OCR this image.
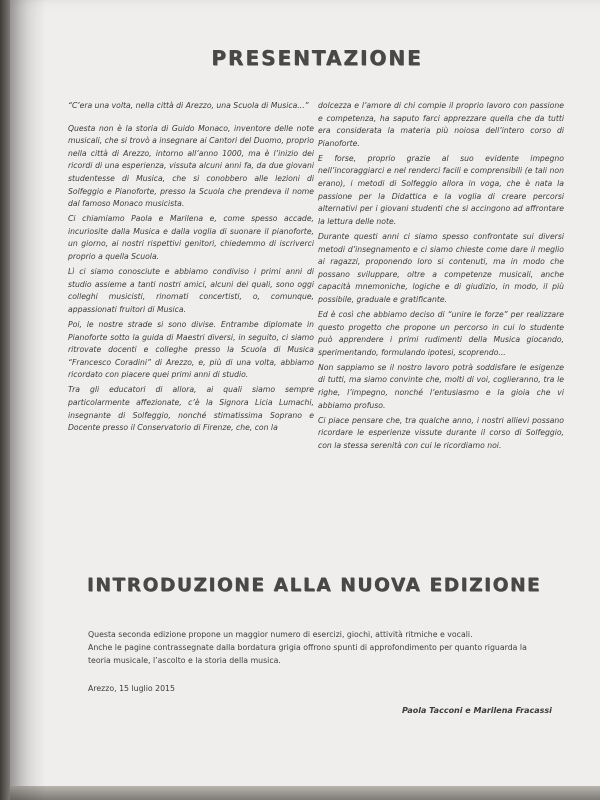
PRESENTAZIONE

“C’era una volta, nella città di Arezzo, una Scuola di Musica...”

Questa non è la storia di Guido Monaco, inventore delle note musicali, che si trovò a insegnare ai Cantori del Duomo, proprio nella città di Arezzo, intorno all’anno 1000, ma è l’inizio dei ricordi di una esperienza, vissuta alcuni anni fa, da due giovani studentesse di Musica, che si conobbero alle lezioni di Solfeggio e Pianoforte, presso la Scuola che prendeva il nome dal famoso Monaco musicista.

Ci chiamiamo Paola e Marilena e, come spesso accade, incuriosite dalla Musica e dalla voglia di suonare il pianoforte, un giorno, ai nostri rispettivi genitori, chiedemmo di iscriverci proprio a quella Scuola.

Lì ci siamo conosciute e abbiamo condiviso i primi anni di studio assieme a tanti nostri amici, alcuni dei quali, sono oggi colleghi musicisti, rinomati concertisti, o, comunque, appassionati fruitori di Musica.

Poi, le nostre strade si sono divise. Entrambe diplomate in Pianoforte sotto la guida di Maestri diversi, in seguito, ci siamo ritrovate docenti e colleghe presso la Scuola di Musica “Francesco Coradini” di Arezzo, e, più di una volta, abbiamo ricordato con piacere quei primi anni di studio.

Tra gli educatori di allora, ai quali siamo sempre particolarmente affezionate, c’è la Signora Licia Lumachi, insegnante di Solfeggio, nonché stimatissima Soprano e Docente presso il Conservatorio di Firenze, che, con la

dolcezza e l’amore di chi compie il proprio lavoro con passione e competenza, ha saputo farci apprezzare quella che da tutti era considerata la materia più noiosa dell’intero corso di Pianoforte.

E forse, proprio grazie al suo evidente impegno nell’incoraggiarci e nel renderci facili e comprensibili (e tali non erano), i metodi di Solfeggio allora in voga, che è nata la passione per la Didattica e la voglia di creare percorsi alternativi per i giovani studenti che si accingono ad affrontare la lettura delle note.

Durante questi anni ci siamo spesso confrontate sui diversi metodi d’insegnamento e ci siamo chieste come dare il meglio ai ragazzi, proponendo loro si contenuti, ma in modo che possano sviluppare, oltre a competenze musicali, anche capacità mnemoniche, logiche e di giudizio, in modo, il più possibile, graduale e gratificante.

Ed è così che abbiamo deciso di “unire le forze” per realizzare questo progetto che propone un percorso in cui lo studente può apprendere i primi rudimenti della Musica giocando, sperimentando, formulando ipotesi, scoprendo...

Non sappiamo se il nostro lavoro potrà soddisfare le esigenze di tutti, ma siamo convinte che, molti di voi, coglieranno, tra le righe, l’impegno, nonché l’entusiasmo e la gioia che vi abbiamo profuso.

Ci piace pensare che, tra qualche anno, i nostri allievi possano ricordare le esperienze vissute durante il corso di Solfeggio, con la stessa serenità con cui le ricordiamo noi.

INTRODUZIONE ALLA NUOVA EDIZIONE

Questa seconda edizione propone un maggior numero di esercizi, giochi, attività ritmiche e vocali.

Anche le pagine contrassegnate dalla bordatura grigia offrono spunti di approfondimento per quanto riguarda la teoria musicale, l’ascolto e la storia della musica.

Arezzo, 15 luglio 2015
Paola Tacconi e Marilena Fracassi
